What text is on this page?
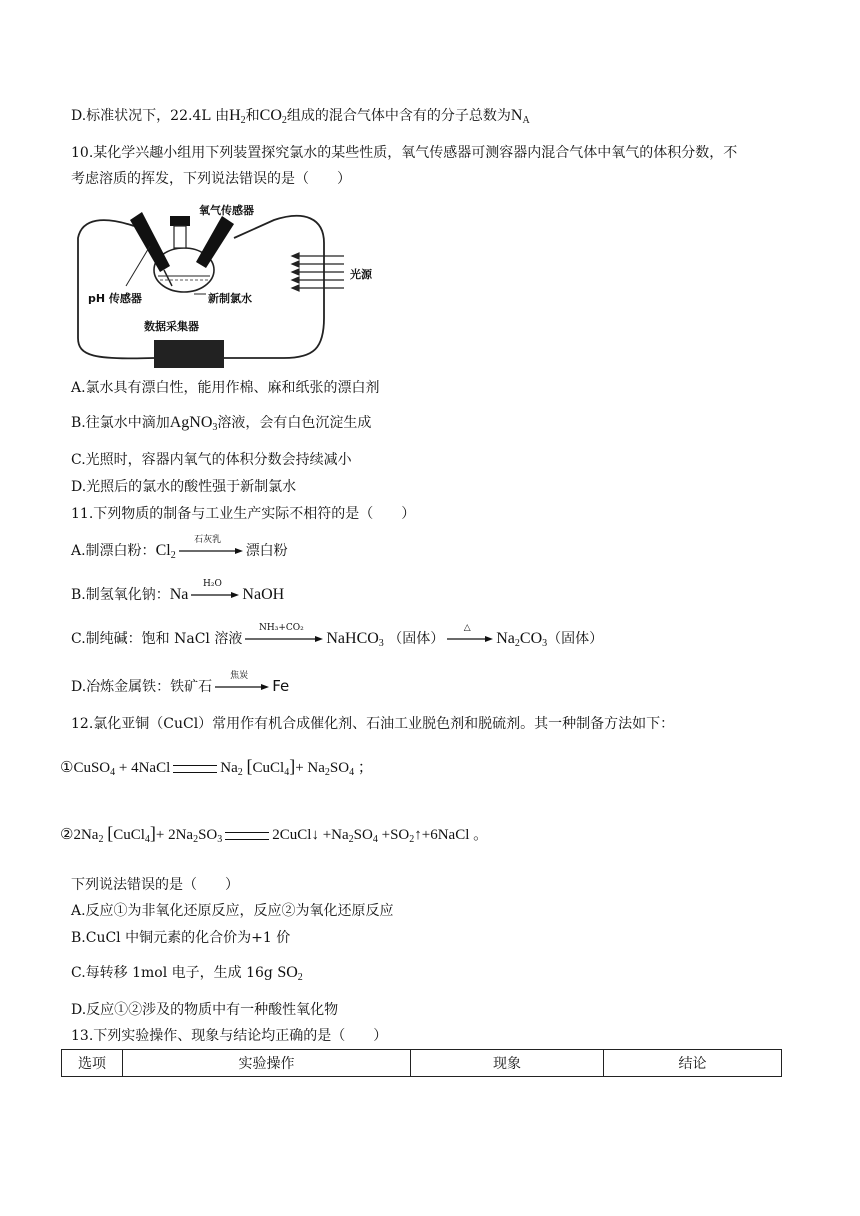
D.标准状况下，22.4L 由$H_2$和$CO_2$组成的混合气体中含有的分子总数为$N_A$
10.某化学兴趣小组用下列装置探究氯水的某些性质，氧气传感器可测容器内混合气体中氧气的体积分数，不
考虑溶质的挥发，下列说法错误的是（　　）
氧气传感器
pH 传感器	新制氯水
光源
数据采集器
A.氯水具有漂白性，能用作棉、麻和纸张的漂白剂
B.往氯水中滴加AgNO$_3$溶液，会有白色沉淀生成
C.光照时，容器内氧气的体积分数会持续减小
D.光照后的氯水的酸性强于新制氯水
11.下列物质的制备与工业生产实际不相符的是（　　）
A.制漂白粉：$Cl_2$
石灰乳
漂白粉
B.制氢氧化钠：Na
H₂O
NaOH
C.制纯碱：饱和 NaCl 溶液
NH₃+CO₂
NaHCO$_3$ （固体）
△
$Na_2CO_3$（固体）
D.冶炼金属铁：铁矿石
焦炭
Fe
12.氯化亚铜（CuCl）常用作有机合成催化剂、石油工业脱色剂和脱硫剂。其一种制备方法如下：
①CuSO$_4$ + 4NaCl	$Na_2$ [CuCl$_4$]+ $Na_2SO_4$ ；
$②2Na_2$ [CuCl$_4$]+ $2Na_2SO_3$	2CuCl↓ $+Na_2SO_4$ $+SO_2↑+6NaCl$ 。
下列说法错误的是（　　）
A.反应①为非氧化还原反应，反应②为氧化还原反应
B.CuCl 中铜元素的化合价为+1 价
C.每转移 1mol 电子，生成 16g $SO_2$
D.反应①②涉及的物质中有一种酸性氧化物
13.下列实验操作、现象与结论均正确的是（　　）
选项	实验操作	现象	结论
